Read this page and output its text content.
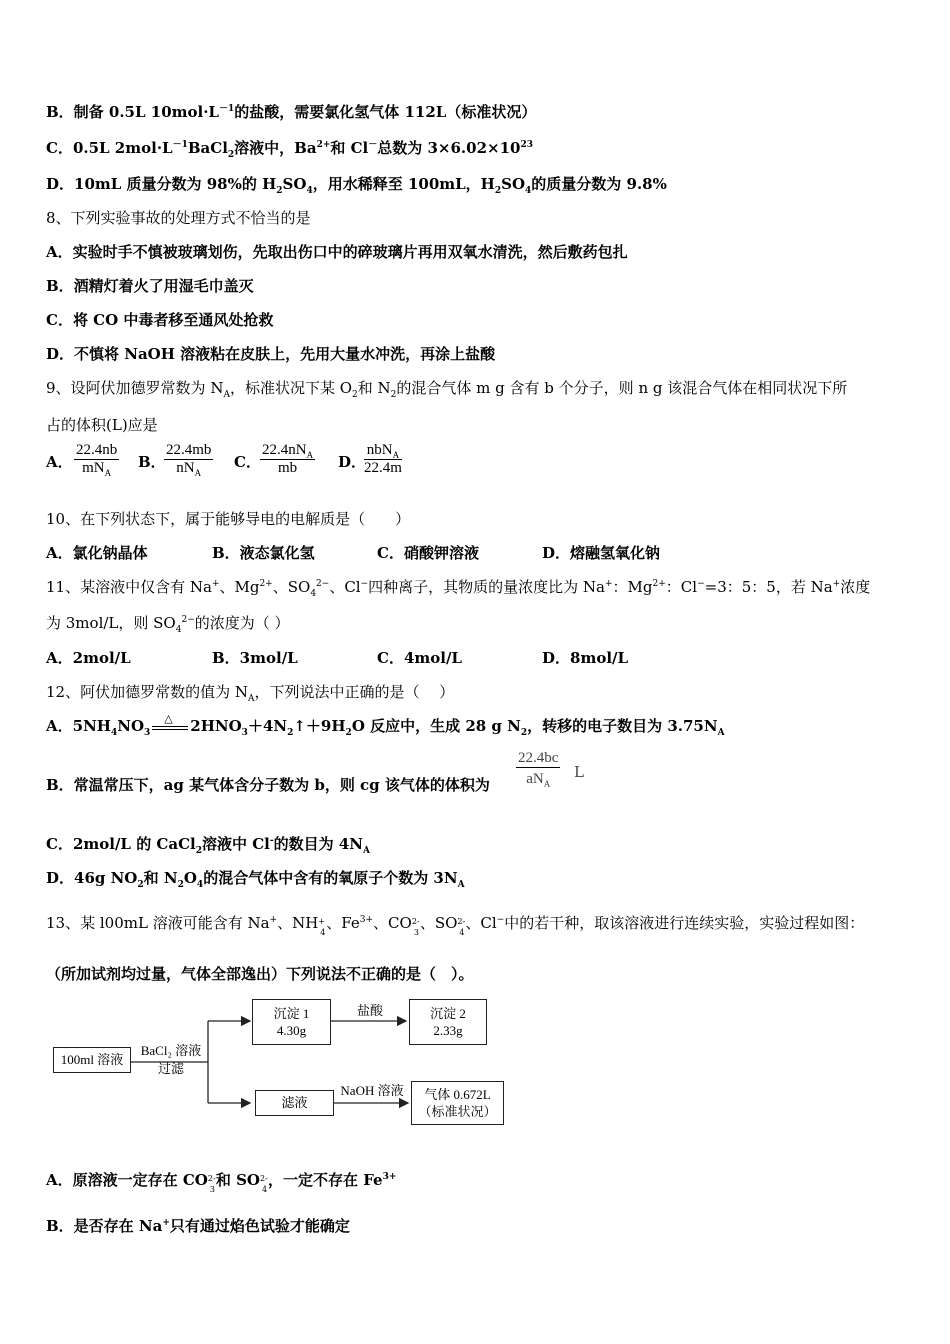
B．制备 0.5L $10mol\cdot L^{-1}$的盐酸，需要氯化氢气体 112L（标准状况）
C．0.5L $2mol\cdot L^{-1}BaCl_2$溶液中，$Ba^{2+}$和 Cl－总数为 $3\times 6.02\times 10^{23}$
D．10mL 质量分数为 98%的 $H_2SO_4$，用水稀释至 100mL，$H_2SO_4$的质量分数为 9.8%
8、下列实验事故的处理方式不恰当的是
A．实验时手不慎被玻璃划伤，先取出伤口中的碎玻璃片再用双氧水清洗，然后敷药包扎
B．酒精灯着火了用湿毛巾盖灭
C．将 CO 中毒者移至通风处抢救
D．不慎将 NaOH 溶液粘在皮肤上，先用大量水冲洗，再涂上盐酸
9、设阿伏加德罗常数为 $N_A$，标准状况下某 $O_2$和 $N_2$的混合气体 m g 含有 b 个分子，则 n g 该混合气体在相同状况下所
占的体积(L)应是
A．
22.4nb
$mN_A$
B．
22.4mb
$nN_A$
C．
$22.4nN_A$
mb	D．
nbN$_A$
22.4m
10、在下列状态下，属于能够导电的电解质是（　　）
A．氯化钠晶体	B．液态氯化氢	C．硝酸钾溶液	D．熔融氢氧化钠
11、某溶液中仅含有 Na+、$Mg^{2+}$、$SO_4^{2-}$、Cl−四种离子，其物质的量浓度比为 Na+：$Mg^{2+}$：Cl−=3：5：5，若 Na+浓度
为 3mol/L，则 $SO_4^{2-}$的浓度为（ ）
A．2mol/L	B．3mol/L	C．4mol/L	D．8mol/L
12、阿伏加德罗常数的值为 $N_A$，下列说法中正确的是（　 ）
A．$5NH_4NO_3$
△ $2HNO_3+4N_2↑+9H_2O$ 反应中，生成 28 g $N_2$，转移的电子数目为 $3.75N_A$
B．常温常压下，ag 某气体含分子数为 b，则 cg 该气体的体积为
22.4bc
$aN_A$
L
C．2mol/L 的 CaCl$_2$溶液中 Cl-的数目为 $4N_A$
D．46g $NO_2$和 $N_2O_4$的混合气体中含有的氧原子个数为 $3N_A$
13、某 l00mL 溶液可能含有 Na+、NH +
4
、$Fe^{3+}$、CO 2-
3
、SO 2-
4
、Cl−中的若干种，取该溶液进行连续实验，实验过程如图：
（所加试剂均过量，气体全部逸出）下列说法不正确的是（　）。
100ml 溶液
BaCl₂ 溶液
过滤
沉淀 1
4.30g
盐酸	沉淀 2
2.33g
滤液
NaOH 溶液	气体 0.672L
（标准状况）
A．原溶液一定存在 CO 2-
3
和 SO 2-
4
，一定不存在 $Fe^{3+}$
B．是否存在 Na+只有通过焰色试验才能确定
